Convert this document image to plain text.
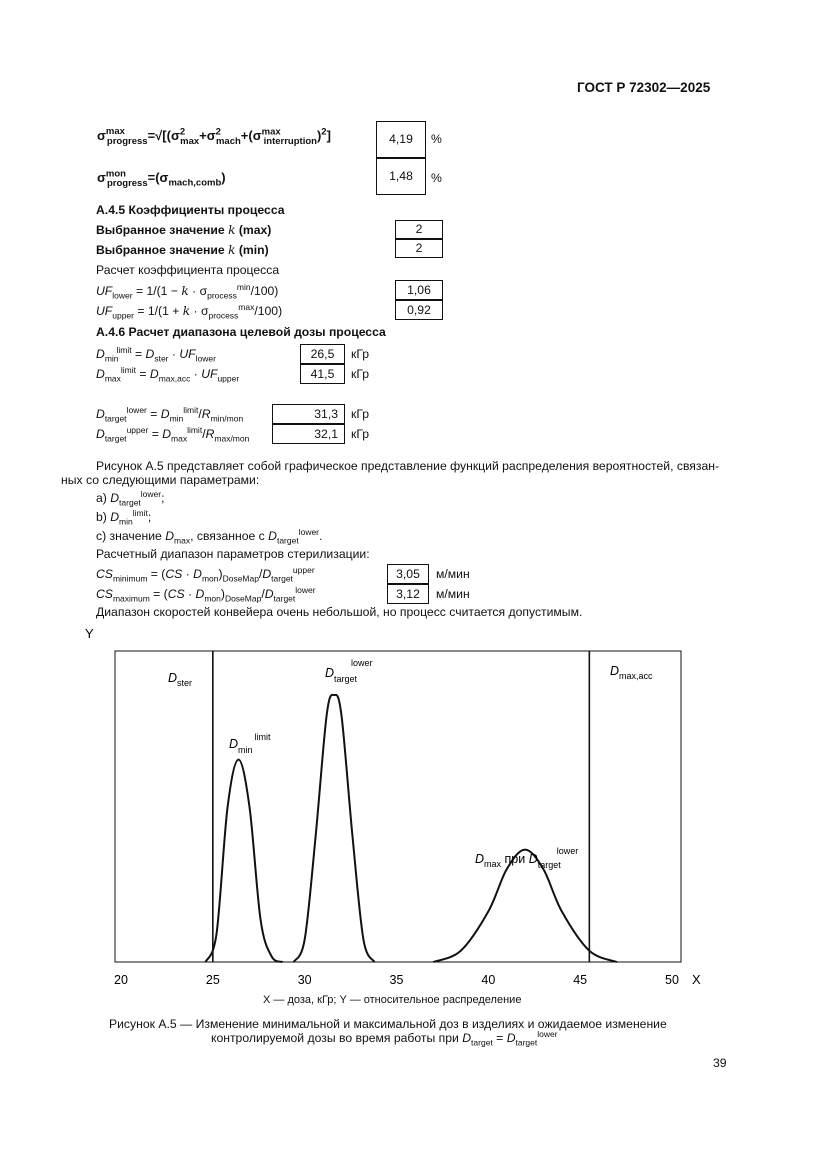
ГОСТ Р 72302—2025
$\sigma^{max}_{progress}=√[(\sigma^2_{max}+\sigma^2_{mach}+(\sigma^{max}_{interruption})^2]$	4,19	%
$\sigma^{mon}_{progress}=(\sigma_{mach,comb})$	1,48	%
А.4.5 Коэффициенты процесса
Выбранное значение k (max)	2
Выбранное значение k (min)	2
Расчет коэффициента процесса
$UF_{lower} = 1/(1 - k \cdot \sigma_{process}^{min}/100)$	1,06
$UF_{upper} = 1/(1 + k \cdot \sigma_{process}^{max}/100)$	0,92
А.4.6 Расчет диапазона целевой дозы процесса
$D_{min}^{limit} = D_{ster} \cdot UF_{lower}$	26,5	кГр
$D_{max}^{limit} = D_{max,acc} \cdot UF_{upper}$	41,5	кГр
$D_{target}^{lower} = D_{min}^{limit}/R_{min/mon}$	31,3	кГр
$D_{target}^{upper} = D_{max}^{limit}/R_{max/mon}$	32,1	кГр
Рисунок А.5 представляет собой графическое представление функций распределения вероятностей, связан-
ных со следующими параметрами:
a) $D_{target}^{lower}$;
b) $D_{min}^{limit}$;
c) значение $D_{max}$, связанное с $D_{target}^{lower}$.
Расчетный диапазон параметров стерилизации:
$CS_{minimum} = (CS \cdot D_{mon})_{DoseMap}/D_{target}^{upper}$	3,05	м/мин
$CS_{maximum} = (CS \cdot D_{mon})_{DoseMap}/D_{target}^{lower}$	3,12	м/мин
Диапазон скоростей конвейера очень небольшой, но процесс считается допустимым.
Y
20	25	30	35	40	45	50 X
$D_{ster}$
$D_{max,acc}$
$D_{target}lower$
$D_{min}^{limit}$
$D_{max}$ при $D_{target}lower$
X — доза, кГр; Y — относительное распределение
Рисунок А.5 — Изменение минимальной и максимальной доз в изделиях и ожидаемое изменение
контролируемой дозы во время работы при $D_{target} = D_{target}^{lower}$
39
